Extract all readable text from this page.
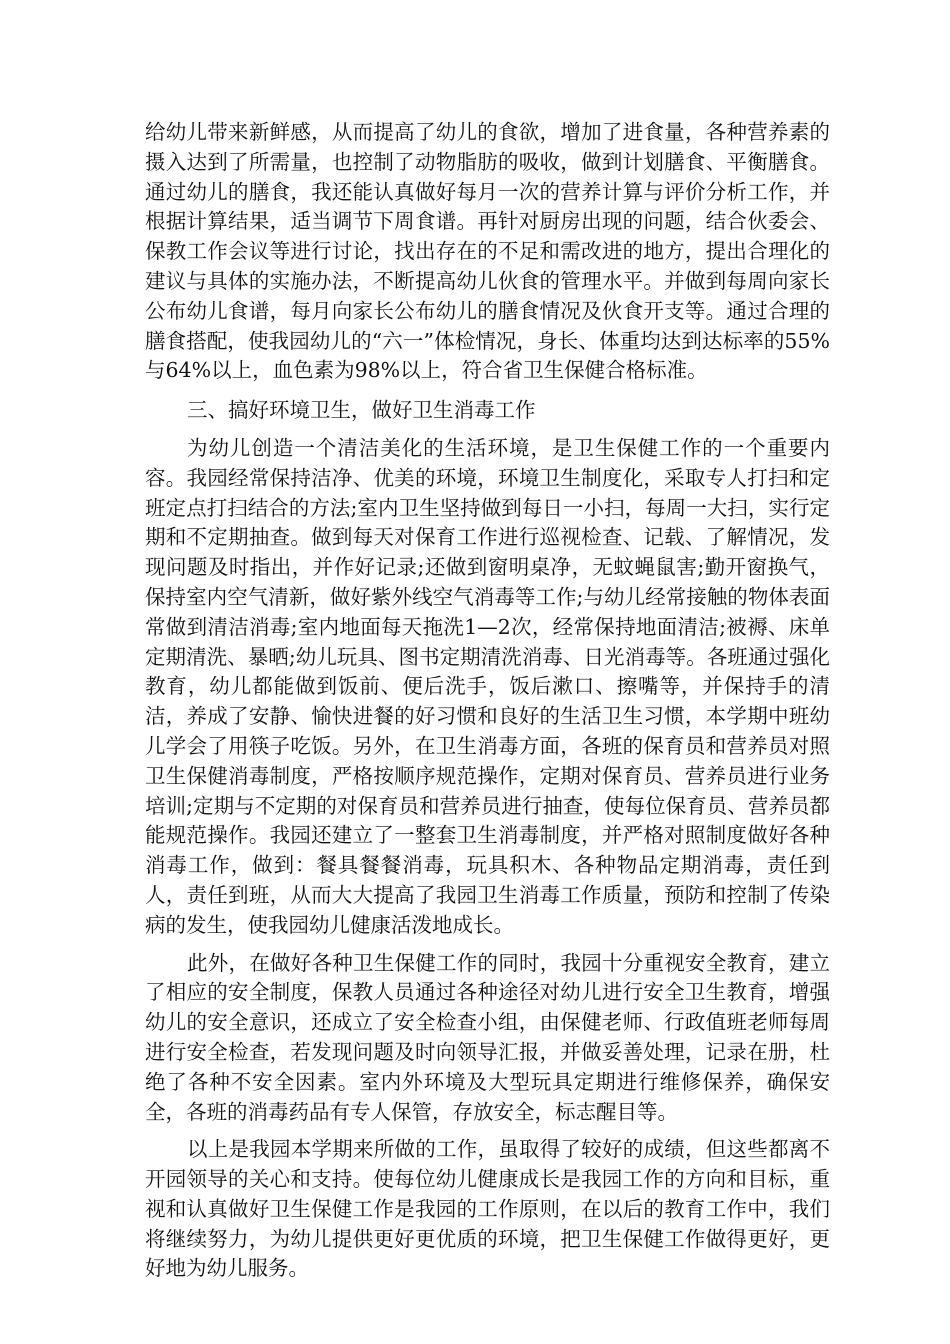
给幼儿带来新鲜感，从而提高了幼儿的食欲，增加了进食量，各种营养素的摄入达到了所需量，也控制了动物脂肪的吸收，做到计划膳食、平衡膳食。通过幼儿的膳食，我还能认真做好每月一次的营养计算与评价分析工作，并根据计算结果，适当调节下周食谱。再针对厨房出现的问题，结合伙委会、保教工作会议等进行讨论，找出存在的不足和需改进的地方，提出合理化的建议与具体的实施办法，不断提高幼儿伙食的管理水平。并做到每周向家长公布幼儿食谱，每月向家长公布幼儿的膳食情况及伙食开支等。通过合理的膳食搭配，使我园幼儿的“六一”体检情况，身长、体重均达到达标率的55%与64%以上，血色素为98%以上，符合省卫生保健合格标准。

三、搞好环境卫生，做好卫生消毒工作

为幼儿创造一个清洁美化的生活环境，是卫生保健工作的一个重要内容。我园经常保持洁净、优美的环境，环境卫生制度化，采取专人打扫和定班定点打扫结合的方法;室内卫生坚持做到每日一小扫，每周一大扫，实行定期和不定期抽查。做到每天对保育工作进行巡视检查、记载、了解情况，发现问题及时指出，并作好记录;还做到窗明桌净，无蚊蝇鼠害;勤开窗换气，保持室内空气清新，做好紫外线空气消毒等工作;与幼儿经常接触的物体表面常做到清洁消毒;室内地面每天拖洗1—2次，经常保持地面清洁;被褥、床单定期清洗、暴晒;幼儿玩具、图书定期清洗消毒、日光消毒等。各班通过强化教育，幼儿都能做到饭前、便后洗手，饭后漱口、擦嘴等，并保持手的清洁，养成了安静、愉快进餐的好习惯和良好的生活卫生习惯，本学期中班幼儿学会了用筷子吃饭。另外，在卫生消毒方面，各班的保育员和营养员对照卫生保健消毒制度，严格按顺序规范操作，定期对保育员、营养员进行业务培训;定期与不定期的对保育员和营养员进行抽查，使每位保育员、营养员都能规范操作。我园还建立了一整套卫生消毒制度，并严格对照制度做好各种消毒工作，做到：餐具餐餐消毒，玩具积木、各种物品定期消毒，责任到人，责任到班，从而大大提高了我园卫生消毒工作质量，预防和控制了传染病的发生，使我园幼儿健康活泼地成长。

此外，在做好各种卫生保健工作的同时，我园十分重视安全教育，建立了相应的安全制度，保教人员通过各种途径对幼儿进行安全卫生教育，增强幼儿的安全意识，还成立了安全检查小组，由保健老师、行政值班老师每周进行安全检查，若发现问题及时向领导汇报，并做妥善处理，记录在册，杜绝了各种不安全因素。室内外环境及大型玩具定期进行维修保养，确保安全，各班的消毒药品有专人保管，存放安全，标志醒目等。

以上是我园本学期来所做的工作，虽取得了较好的成绩，但这些都离不开园领导的关心和支持。使每位幼儿健康成长是我园工作的方向和目标，重视和认真做好卫生保健工作是我园的工作原则，在以后的教育工作中，我们将继续努力，为幼儿提供更好更优质的环境，把卫生保健工作做得更好，更好地为幼儿服务。
